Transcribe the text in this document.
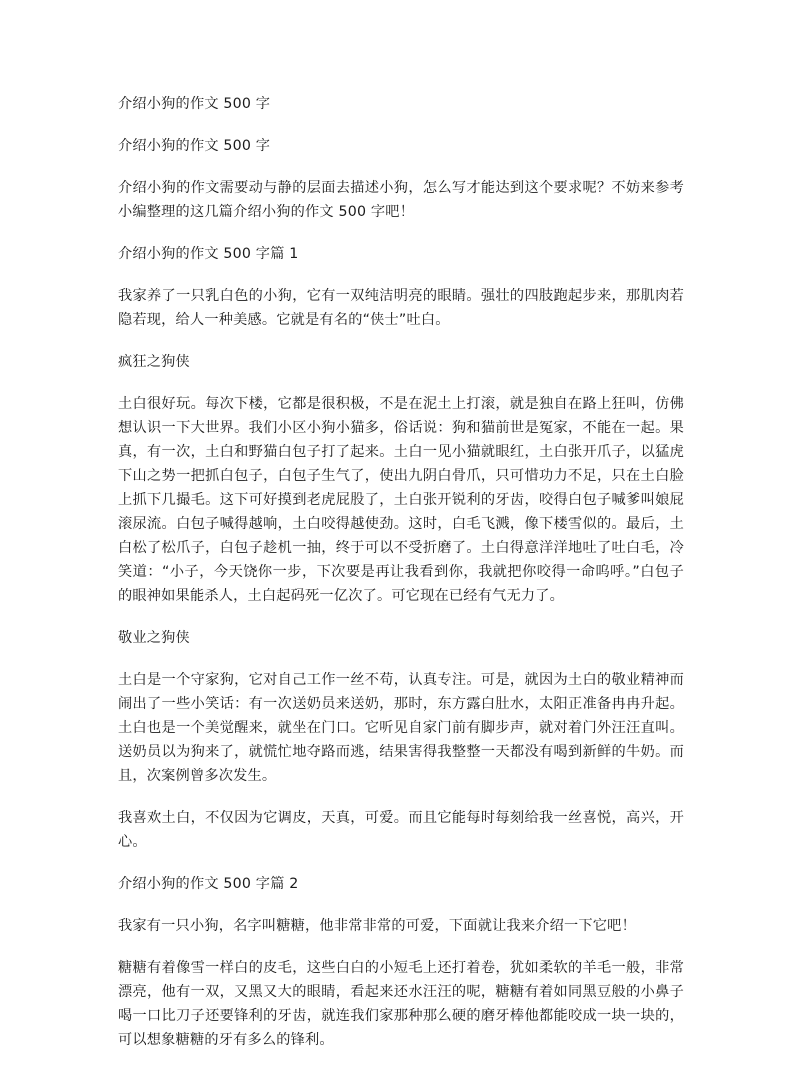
介绍小狗的作文 500 字

介绍小狗的作文 500 字

介绍小狗的作文需要动与静的层面去描述小狗，怎么写才能达到这个要求呢？不妨来参考小编整理的这几篇介绍小狗的作文 500 字吧！

介绍小狗的作文 500 字篇 1

我家养了一只乳白色的小狗，它有一双纯洁明亮的眼睛。强壮的四肢跑起步来，那肌肉若隐若现，给人一种美感。它就是有名的“侠士”吐白。

疯狂之狗侠

土白很好玩。每次下楼，它都是很积极，不是在泥土上打滚，就是独自在路上狂叫，仿佛想认识一下大世界。我们小区小狗小猫多，俗话说：狗和猫前世是冤家，不能在一起。果真，有一次，土白和野猫白包子打了起来。土白一见小猫就眼红，土白张开爪子，以猛虎下山之势一把抓白包子，白包子生气了，使出九阴白骨爪，只可惜功力不足，只在土白脸上抓下几撮毛。这下可好摸到老虎屁股了，土白张开锐利的牙齿，咬得白包子喊爹叫娘屁滚尿流。白包子喊得越响，土白咬得越使劲。这时，白毛飞溅，像下楼雪似的。最后，土白松了松爪子，白包子趁机一抽，终于可以不受折磨了。土白得意洋洋地吐了吐白毛，冷笑道：“小子，今天饶你一步，下次要是再让我看到你，我就把你咬得一命呜呼。”白包子的眼神如果能杀人，土白起码死一亿次了。可它现在已经有气无力了。

敬业之狗侠

土白是一个守家狗，它对自己工作一丝不苟，认真专注。可是，就因为土白的敬业精神而闹出了一些小笑话：有一次送奶员来送奶，那时，东方露白肚水，太阳正准备冉冉升起。土白也是一个美觉醒来，就坐在门口。它听见自家门前有脚步声，就对着门外汪汪直叫。送奶员以为狗来了，就慌忙地夺路而逃，结果害得我整整一天都没有喝到新鲜的牛奶。而且，次案例曾多次发生。

我喜欢土白，不仅因为它调皮，天真，可爱。而且它能每时每刻给我一丝喜悦，高兴，开心。

介绍小狗的作文 500 字篇 2

我家有一只小狗，名字叫糖糖，他非常非常的可爱，下面就让我来介绍一下它吧！

糖糖有着像雪一样白的皮毛，这些白白的小短毛上还打着卷，犹如柔软的羊毛一般，非常漂亮，他有一双，又黑又大的眼睛，看起来还水汪汪的呢，糖糖有着如同黑豆般的小鼻子喝一口比刀子还要锋利的牙齿，就连我们家那种那么硬的磨牙棒他都能咬成一块一块的，可以想象糖糖的牙有多么的锋利。
